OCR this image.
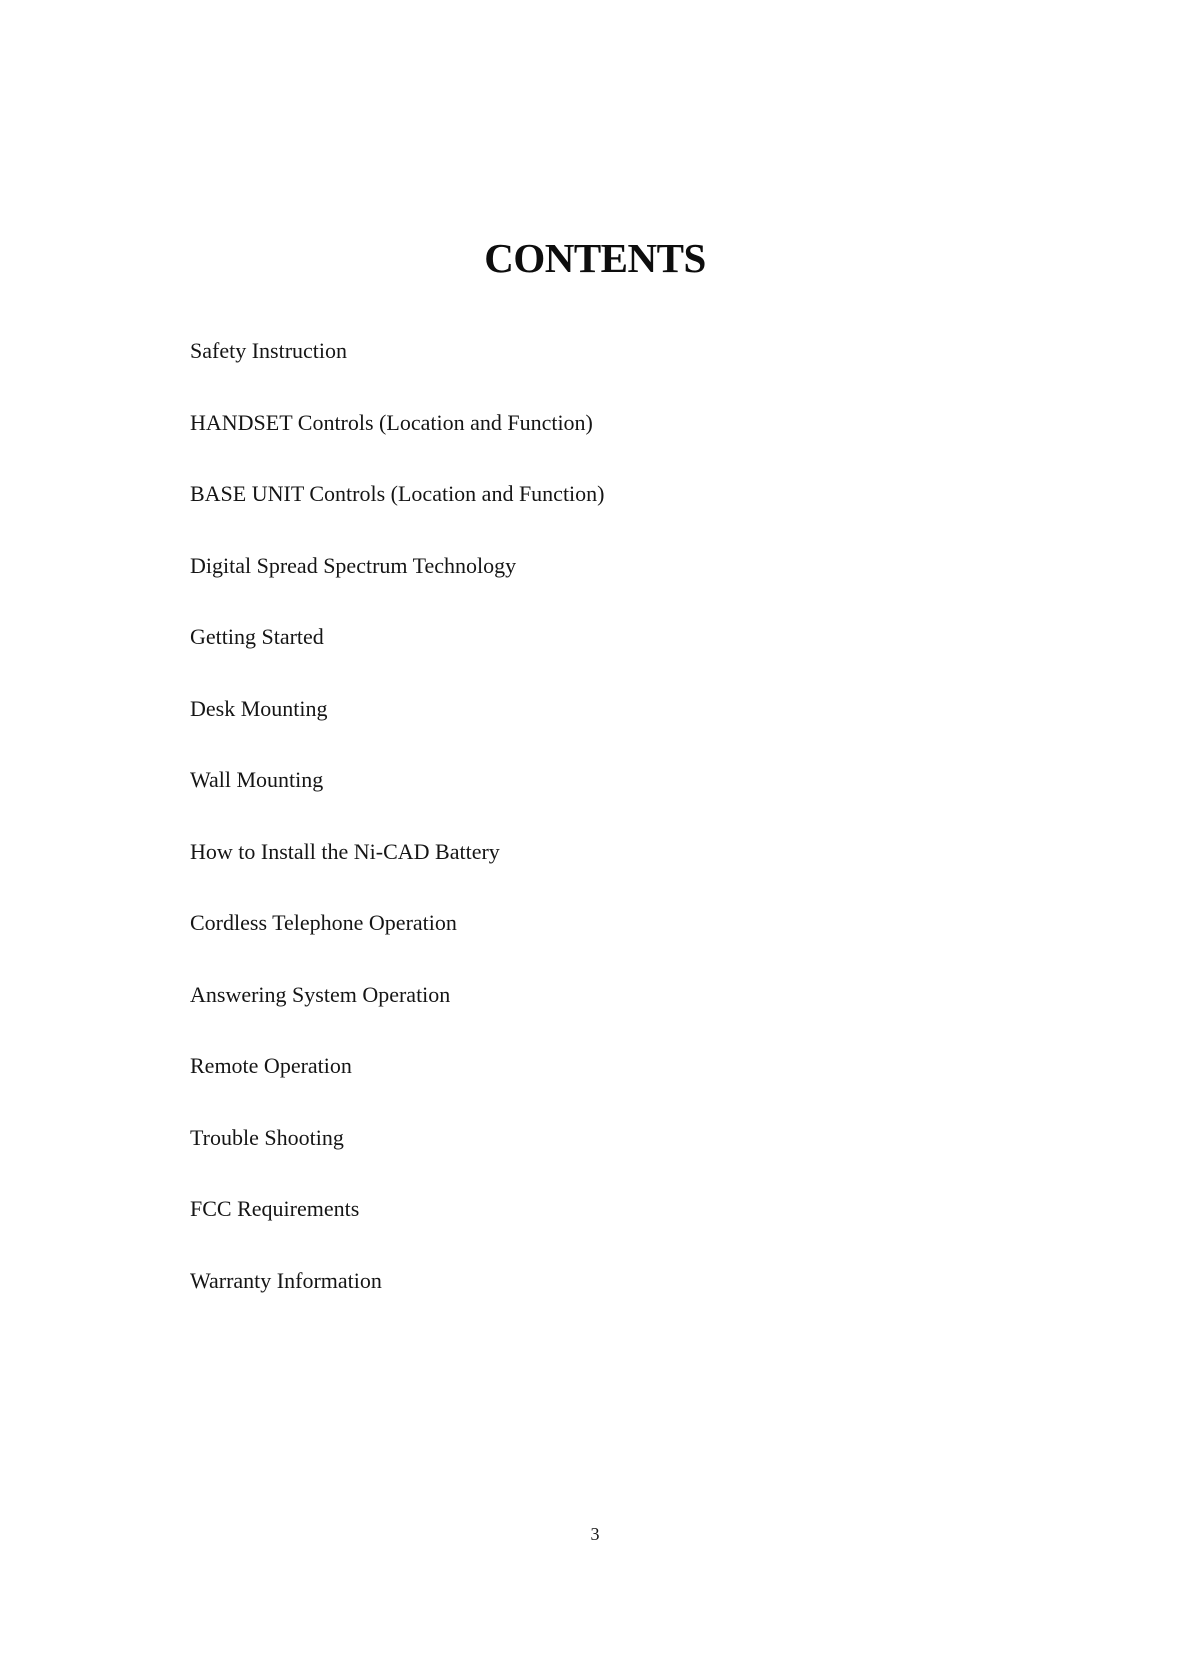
CONTENTS
Safety Instruction
HANDSET Controls (Location and Function)
BASE UNIT Controls (Location and Function)
Digital Spread Spectrum Technology
Getting Started
Desk Mounting
Wall Mounting
How to Install the Ni-CAD Battery
Cordless Telephone Operation
Answering System Operation
Remote Operation
Trouble Shooting
FCC Requirements
Warranty Information
3
